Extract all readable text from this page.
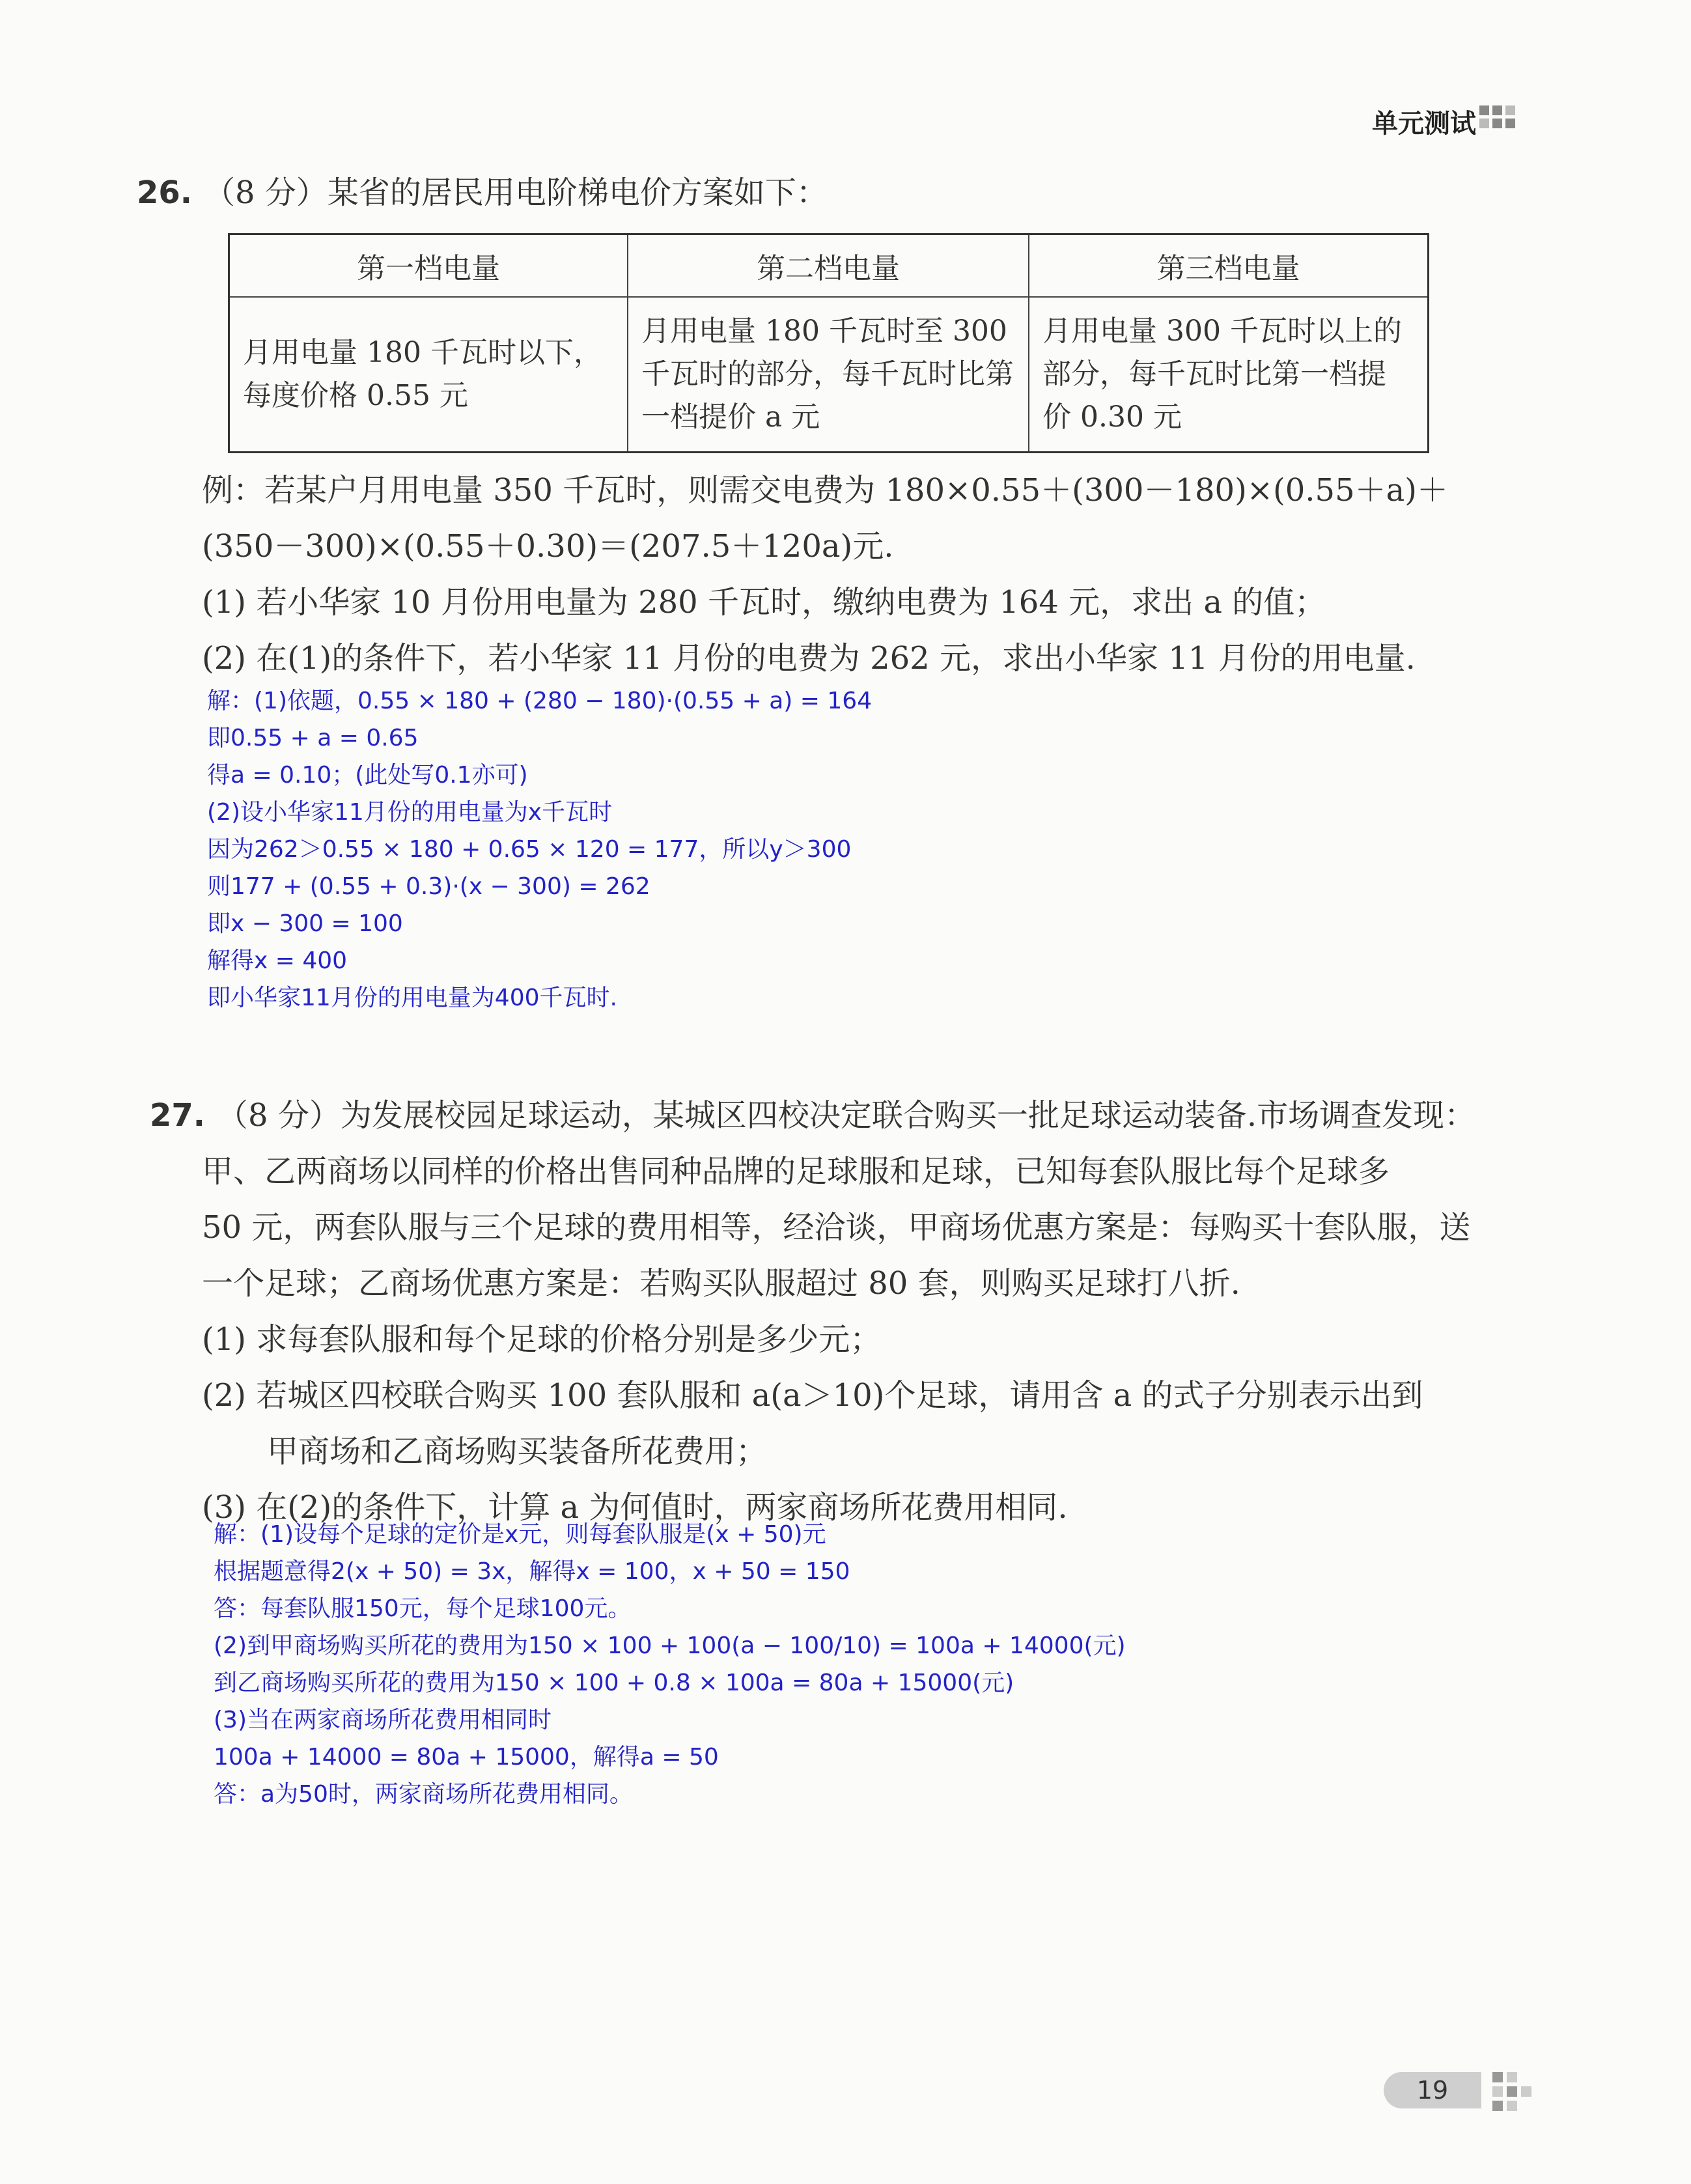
单元测试
26. （8 分）某省的居民用电阶梯电价方案如下：
第一档电量	第二档电量	第三档电量
月用电量 180 千瓦时以下，每度价格 0.55 元	月用电量 180 千瓦时至 300 千瓦时的部分，每千瓦时比第一档提价 a 元	月用电量 300 千瓦时以上的部分，每千瓦时比第一档提价 0.30 元
例：若某户月用电量 350 千瓦时，则需交电费为 180×0.55＋(300－180)×(0.55＋a)＋
(350－300)×(0.55＋0.30)＝(207.5＋120a)元.
(1) 若小华家 10 月份用电量为 280 千瓦时，缴纳电费为 164 元，求出 a 的值；
(2) 在(1)的条件下，若小华家 11 月份的电费为 262 元，求出小华家 11 月份的用电量.
解：(1)依题，0.55 × 180 + (280 − 180)·(0.55 + a) = 164
即0.55 + a = 0.65
得a = 0.10；(此处写0.1亦可)
(2)设小华家11月份的用电量为x千瓦时
因为262＞0.55 × 180 + 0.65 × 120 = 177，所以y＞300
则177 + (0.55 + 0.3)·(x − 300) = 262
即x − 300 = 100
解得x = 400
即小华家11月份的用电量为400千瓦时.
27. （8 分）为发展校园足球运动，某城区四校决定联合购买一批足球运动装备.市场调查发现：
甲、乙两商场以同样的价格出售同种品牌的足球服和足球，已知每套队服比每个足球多
50 元，两套队服与三个足球的费用相等，经洽谈，甲商场优惠方案是：每购买十套队服，送
一个足球；乙商场优惠方案是：若购买队服超过 80 套，则购买足球打八折.
(1) 求每套队服和每个足球的价格分别是多少元；
(2) 若城区四校联合购买 100 套队服和 a(a＞10)个足球，请用含 a 的式子分别表示出到
甲商场和乙商场购买装备所花费用；
(3) 在(2)的条件下，计算 a 为何值时，两家商场所花费用相同.
解：(1)设每个足球的定价是x元，则每套队服是(x + 50)元
根据题意得2(x + 50) = 3x，解得x = 100，x + 50 = 150
答：每套队服150元，每个足球100元。
(2)到甲商场购买所花的费用为150 × 100 + 100(a − 100/10) = 100a + 14000(元)
到乙商场购买所花的费用为150 × 100 + 0.8 × 100a = 80a + 15000(元)
(3)当在两家商场所花费用相同时
100a + 14000 = 80a + 15000，解得a = 50
答：a为50时，两家商场所花费用相同。
19
